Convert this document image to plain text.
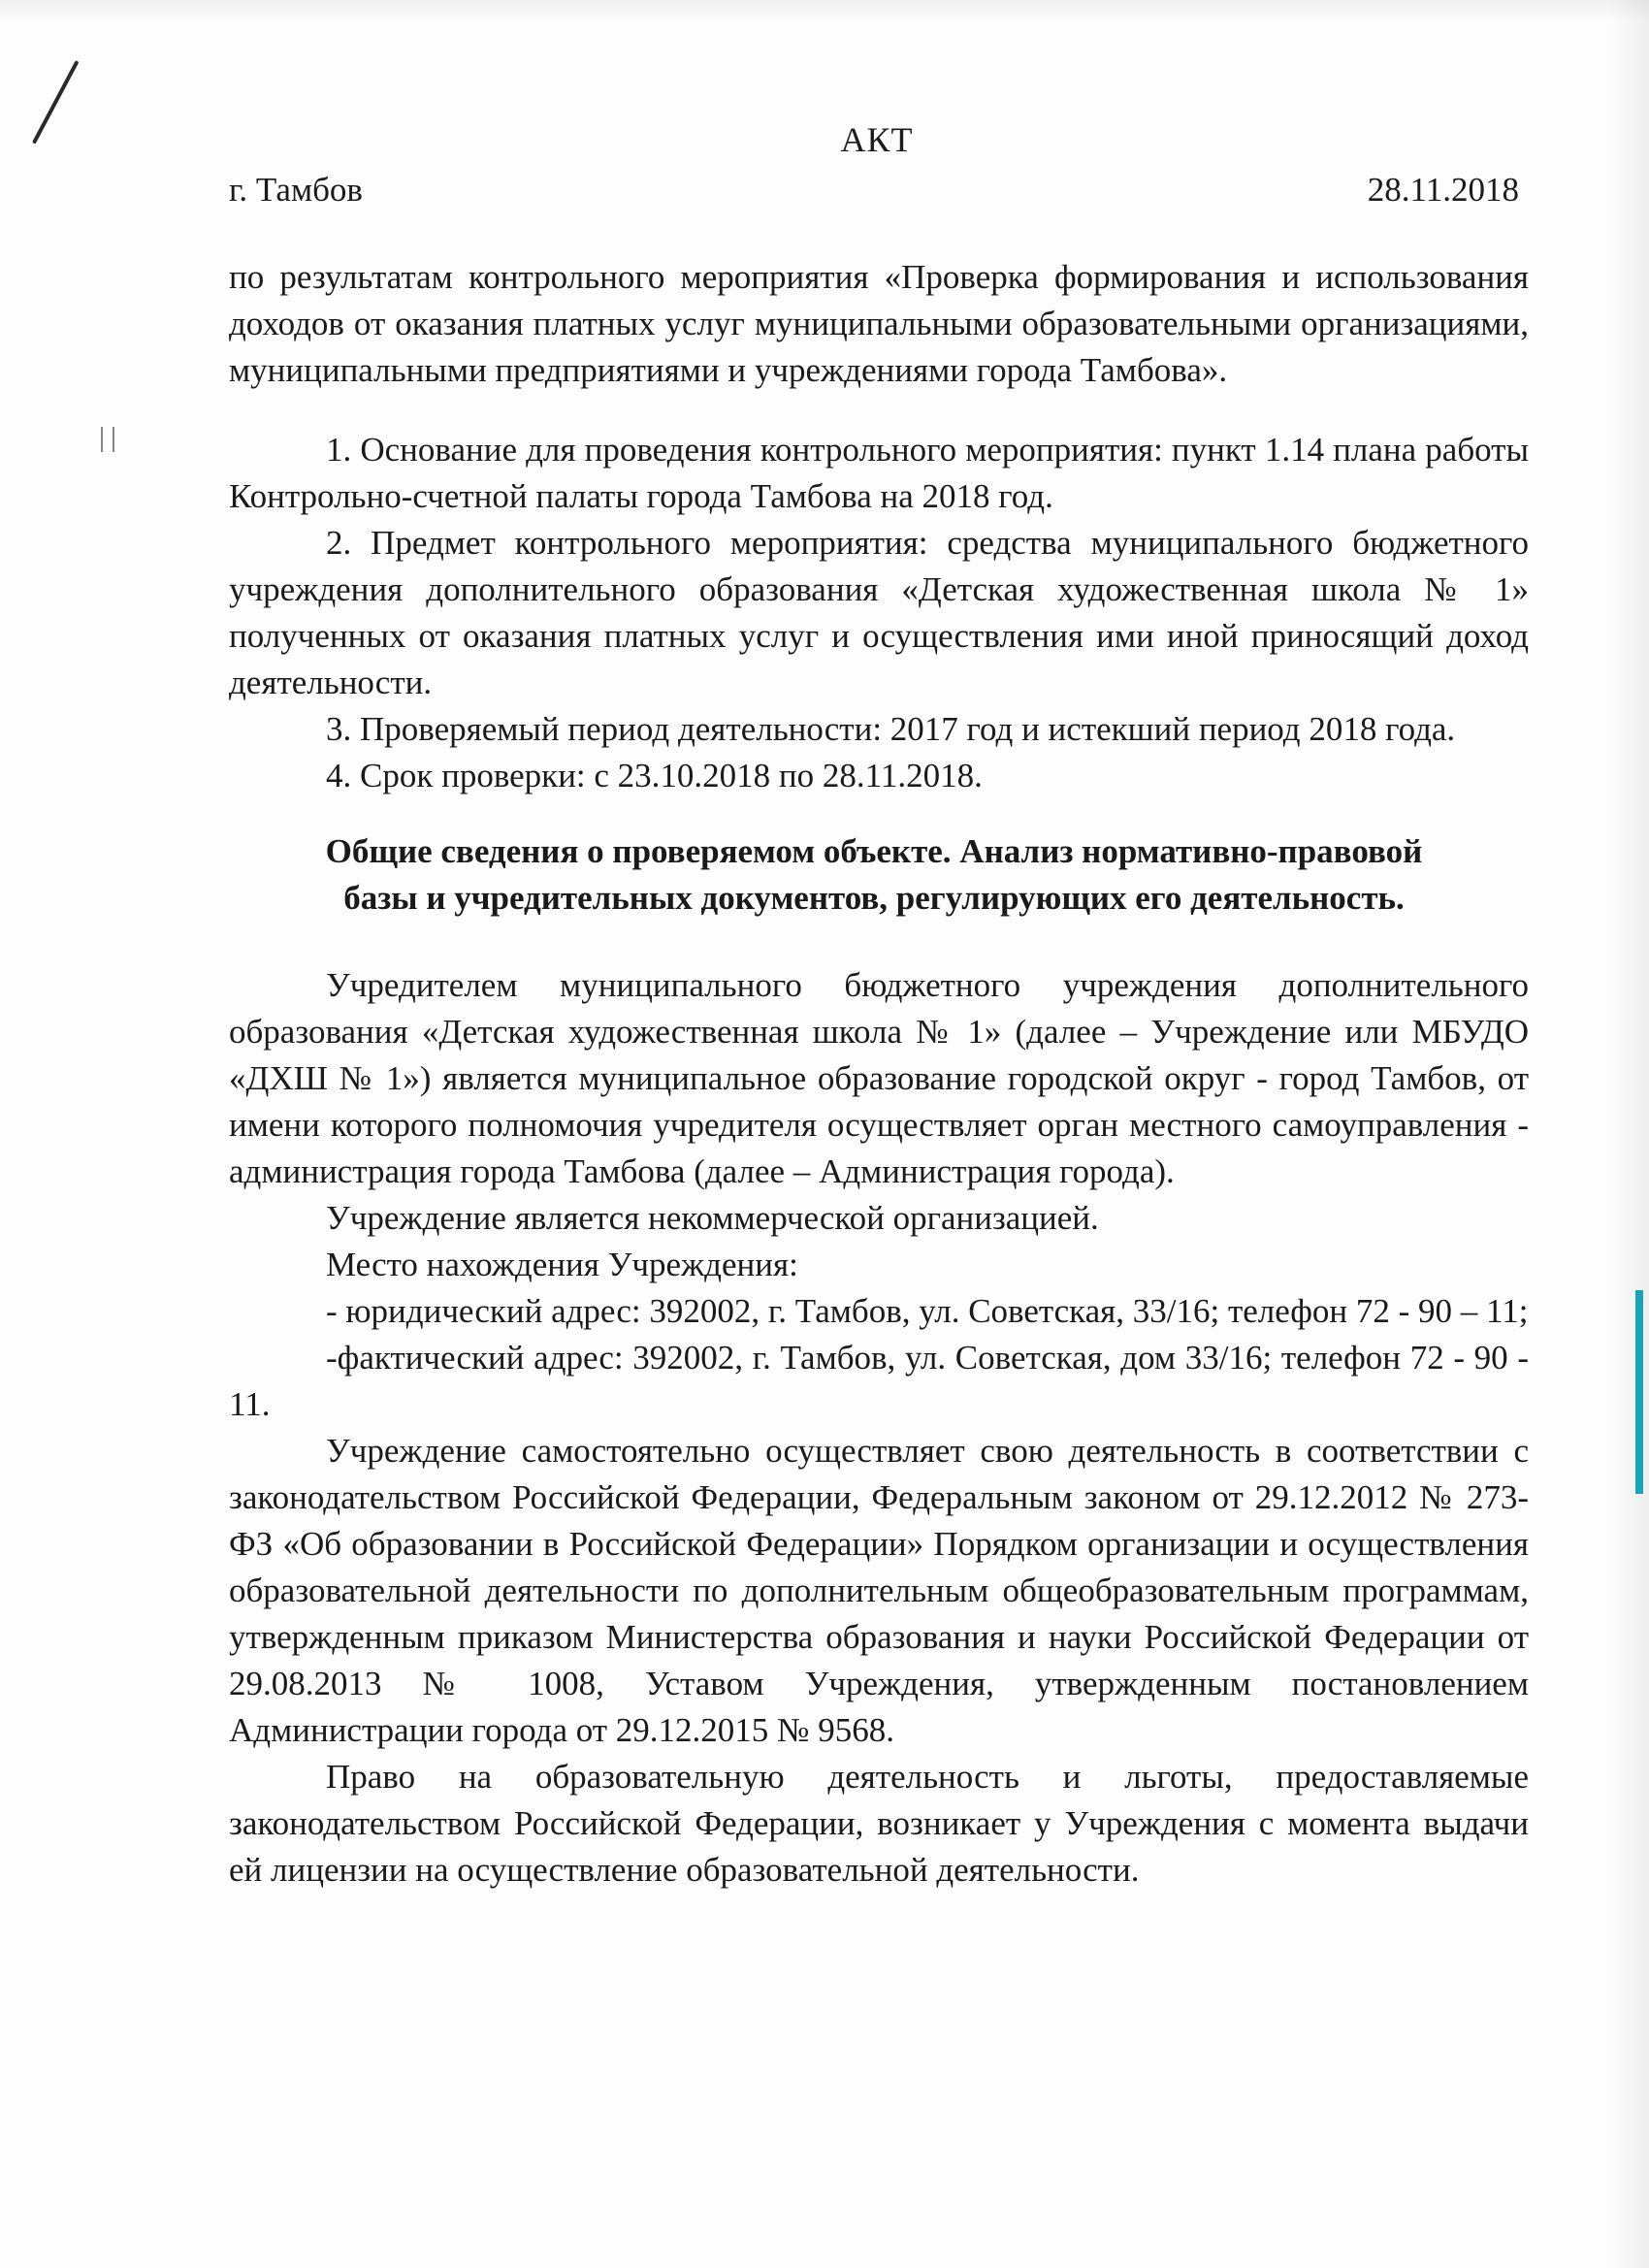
АКТ
г. Тамбов	28.11.2018
по результатам контрольного мероприятия «Проверка формирования и использования доходов от оказания платных услуг муниципальными образовательными организациями, муниципальными предприятиями и учреждениями города Тамбова».

1. Основание для проведения контрольного мероприятия: пункт 1.14 плана работы Контрольно-счетной палаты города Тамбова на 2018 год.

2. Предмет контрольного мероприятия: средства муниципального бюджетного учреждения дополнительного образования «Детская художественная школа № 1» полученных от оказания платных услуг и осуществления ими иной приносящий доход деятельности.

3. Проверяемый период деятельности: 2017 год и истекший период 2018 года.

4. Срок проверки: с 23.10.2018 по 28.11.2018.

Общие сведения о проверяемом объекте. Анализ нормативно-правовой базы и учредительных документов, регулирующих его деятельность.

Учредителем муниципального бюджетного учреждения дополнительного образования «Детская художественная школа № 1» (далее – Учреждение или МБУДО «ДХШ № 1») является муниципальное образование городской округ - город Тамбов, от имени которого полномочия учредителя осуществляет орган местного самоуправления - администрация города Тамбова (далее – Администрация города).

Учреждение является некоммерческой организацией.

Место нахождения Учреждения:

- юридический адрес: 392002, г. Тамбов, ул. Советская, 33/16; телефон 72 - 90 – 11;

-фактический адрес: 392002, г. Тамбов, ул. Советская, дом 33/16; телефон 72 - 90 - 11.

Учреждение самостоятельно осуществляет свою деятельность в соответствии с законодательством Российской Федерации, Федеральным законом от 29.12.2012 № 273-ФЗ «Об образовании в Российской Федерации» Порядком организации и осуществления образовательной деятельности по дополнительным общеобразовательным программам, утвержденным приказом Министерства образования и науки Российской Федерации от 29.08.2013 № 1008, Уставом Учреждения, утвержденным постановлением Администрации города от 29.12.2015 № 9568.

Право на образовательную деятельность и льготы, предоставляемые законодательством Российской Федерации, возникает у Учреждения с момента выдачи ей лицензии на осуществление образовательной деятельности.
